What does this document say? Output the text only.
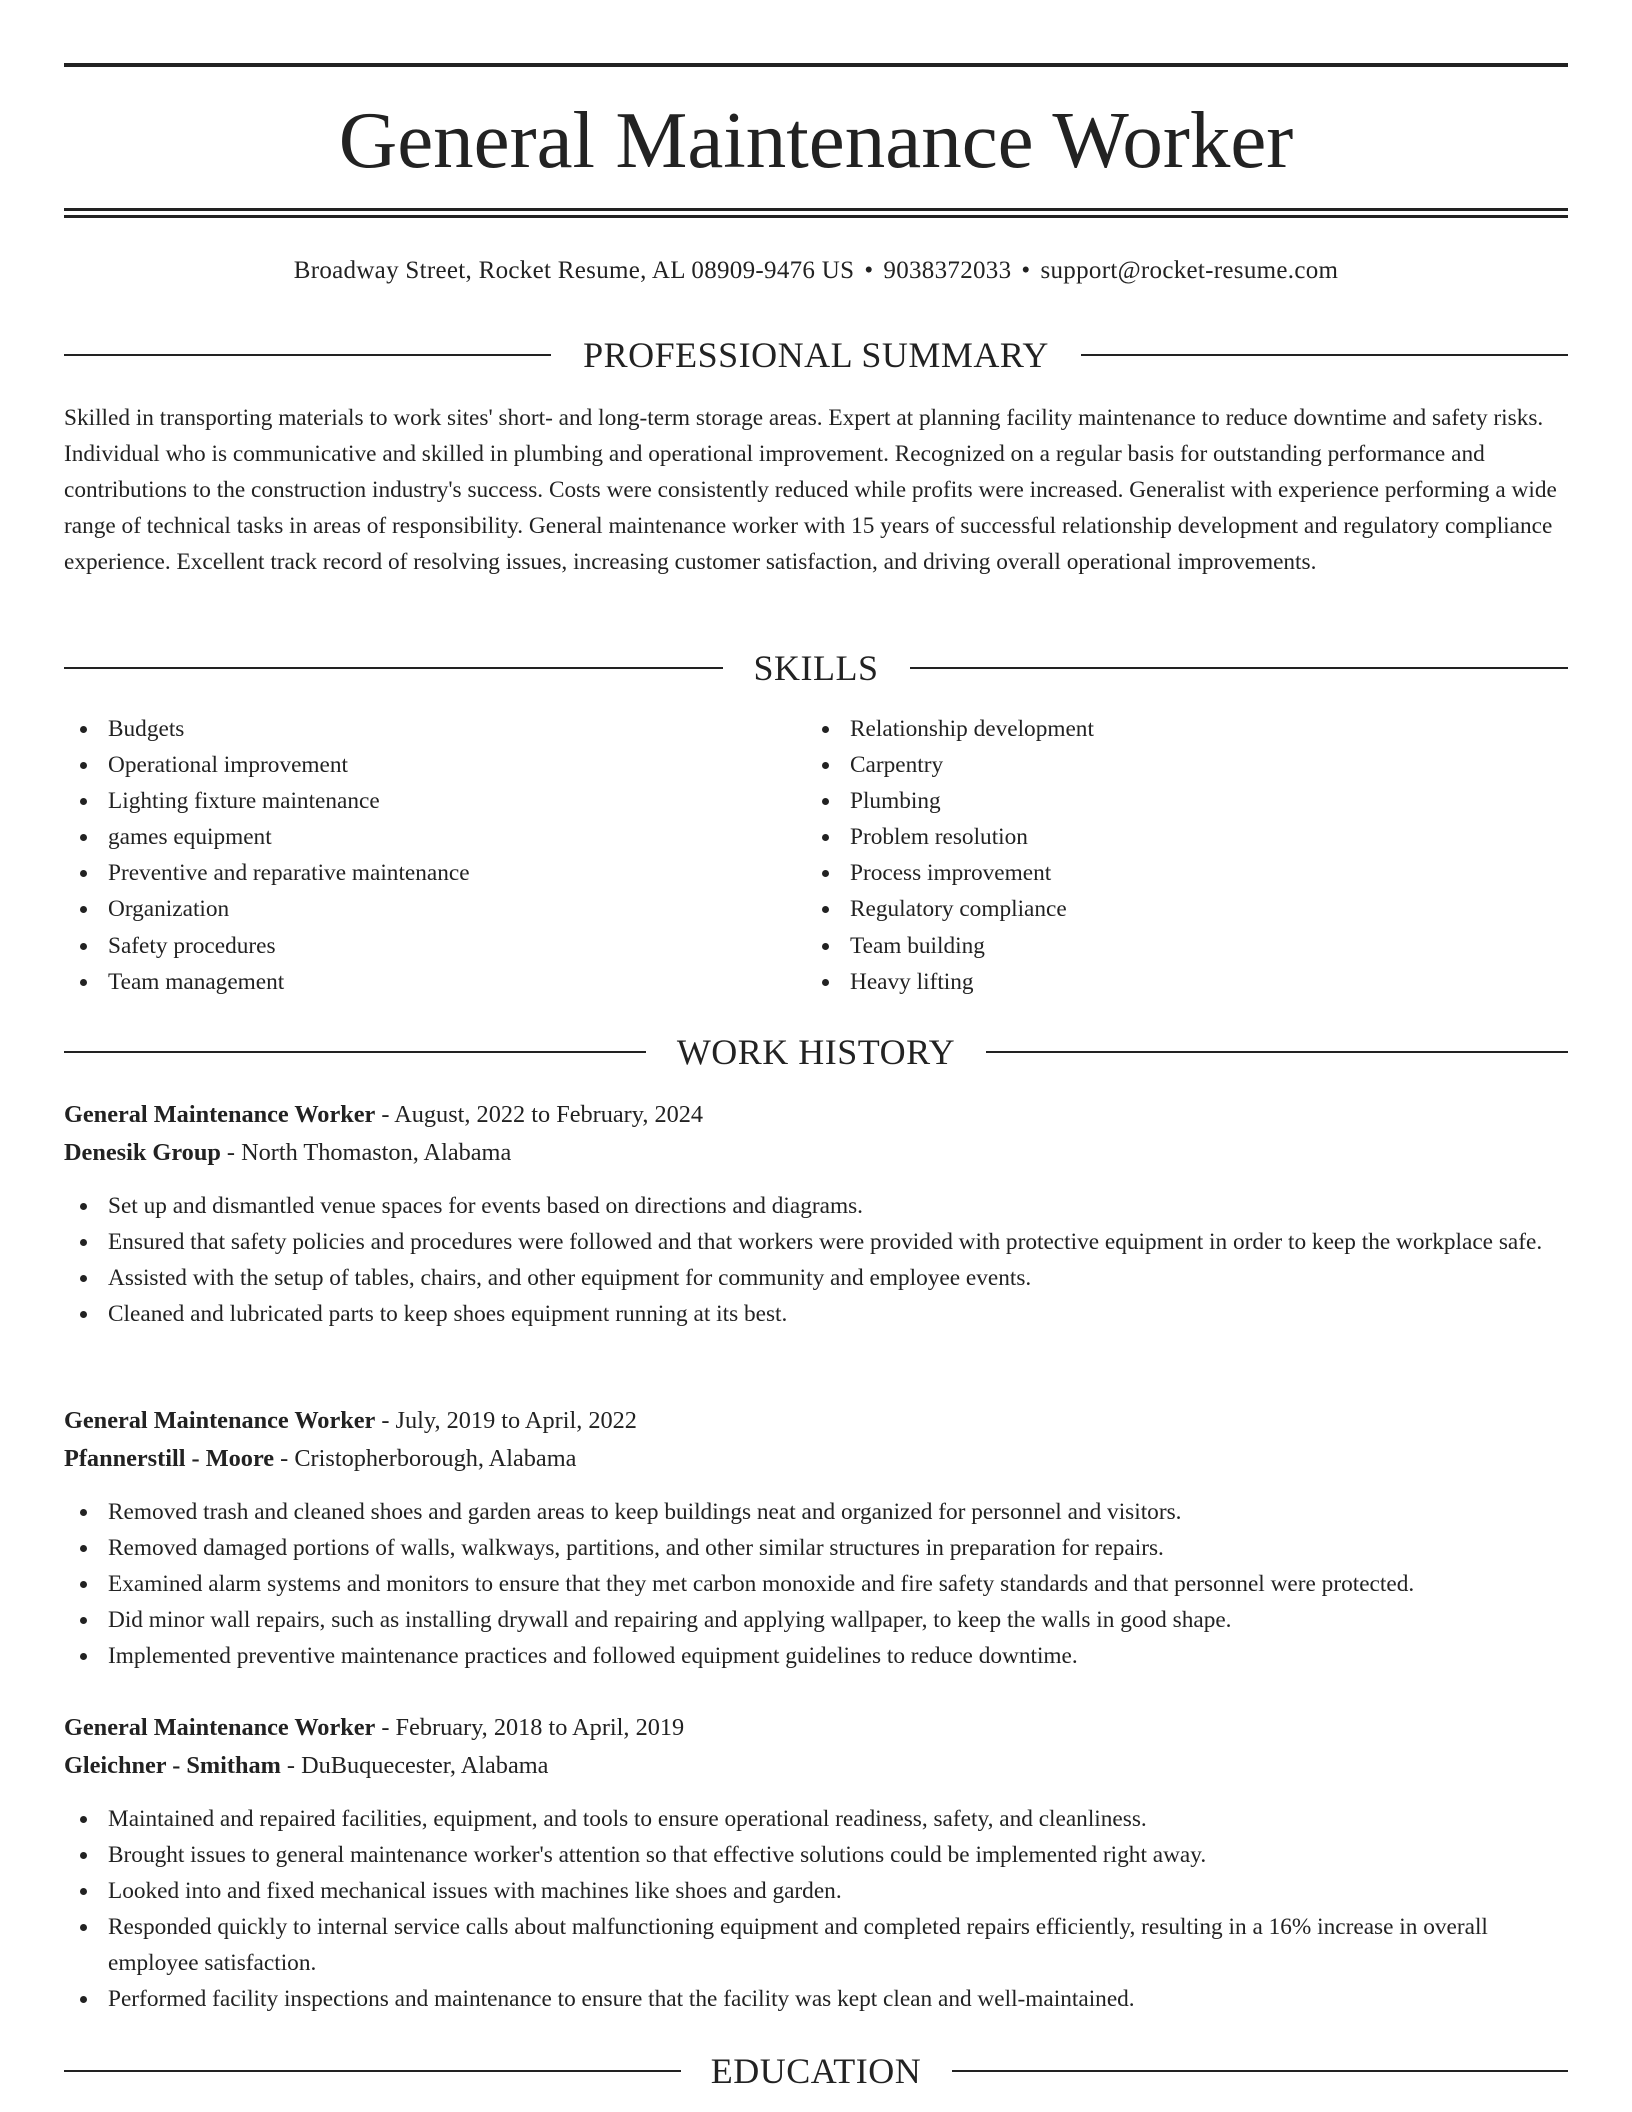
General Maintenance Worker
Broadway Street, Rocket Resume, AL 08909-9476 US • 9038372033 • support@rocket-resume.com
PROFESSIONAL SUMMARY

Skilled in transporting materials to work sites' short- and long-term storage areas. Expert at planning facility maintenance to reduce downtime and safety risks. Individual who is communicative and skilled in plumbing and operational improvement. Recognized on a regular basis for outstanding performance and contributions to the construction industry's success. Costs were consistently reduced while profits were increased. Generalist with experience performing a wide range of technical tasks in areas of responsibility. General maintenance worker with 15 years of successful relationship development and regulatory compliance experience. Excellent track record of resolving issues, increasing customer satisfaction, and driving overall operational improvements.

SKILLS
Budgets
Operational improvement
Lighting fixture maintenance
games equipment
Preventive and reparative maintenance
Organization
Safety procedures
Team management
Relationship development
Carpentry
Plumbing
Problem resolution
Process improvement
Regulatory compliance
Team building
Heavy lifting
WORK HISTORY
General Maintenance Worker - August, 2022 to February, 2024
Denesik Group - North Thomaston, Alabama
Set up and dismantled venue spaces for events based on directions and diagrams.
Ensured that safety policies and procedures were followed and that workers were provided with protective equipment in order to keep the workplace safe.
Assisted with the setup of tables, chairs, and other equipment for community and employee events.
Cleaned and lubricated parts to keep shoes equipment running at its best.
General Maintenance Worker - July, 2019 to April, 2022
Pfannerstill - Moore - Cristopherborough, Alabama
Removed trash and cleaned shoes and garden areas to keep buildings neat and organized for personnel and visitors.
Removed damaged portions of walls, walkways, partitions, and other similar structures in preparation for repairs.
Examined alarm systems and monitors to ensure that they met carbon monoxide and fire safety standards and that personnel were protected.
Did minor wall repairs, such as installing drywall and repairing and applying wallpaper, to keep the walls in good shape.
Implemented preventive maintenance practices and followed equipment guidelines to reduce downtime.
General Maintenance Worker - February, 2018 to April, 2019
Gleichner - Smitham - DuBuquecester, Alabama
Maintained and repaired facilities, equipment, and tools to ensure operational readiness, safety, and cleanliness.
Brought issues to general maintenance worker's attention so that effective solutions could be implemented right away.
Looked into and fixed mechanical issues with machines like shoes and garden.
Responded quickly to internal service calls about malfunctioning equipment and completed repairs efficiently, resulting in a 16% increase in overall employee satisfaction.
Performed facility inspections and maintenance to ensure that the facility was kept clean and well-maintained.
EDUCATION
